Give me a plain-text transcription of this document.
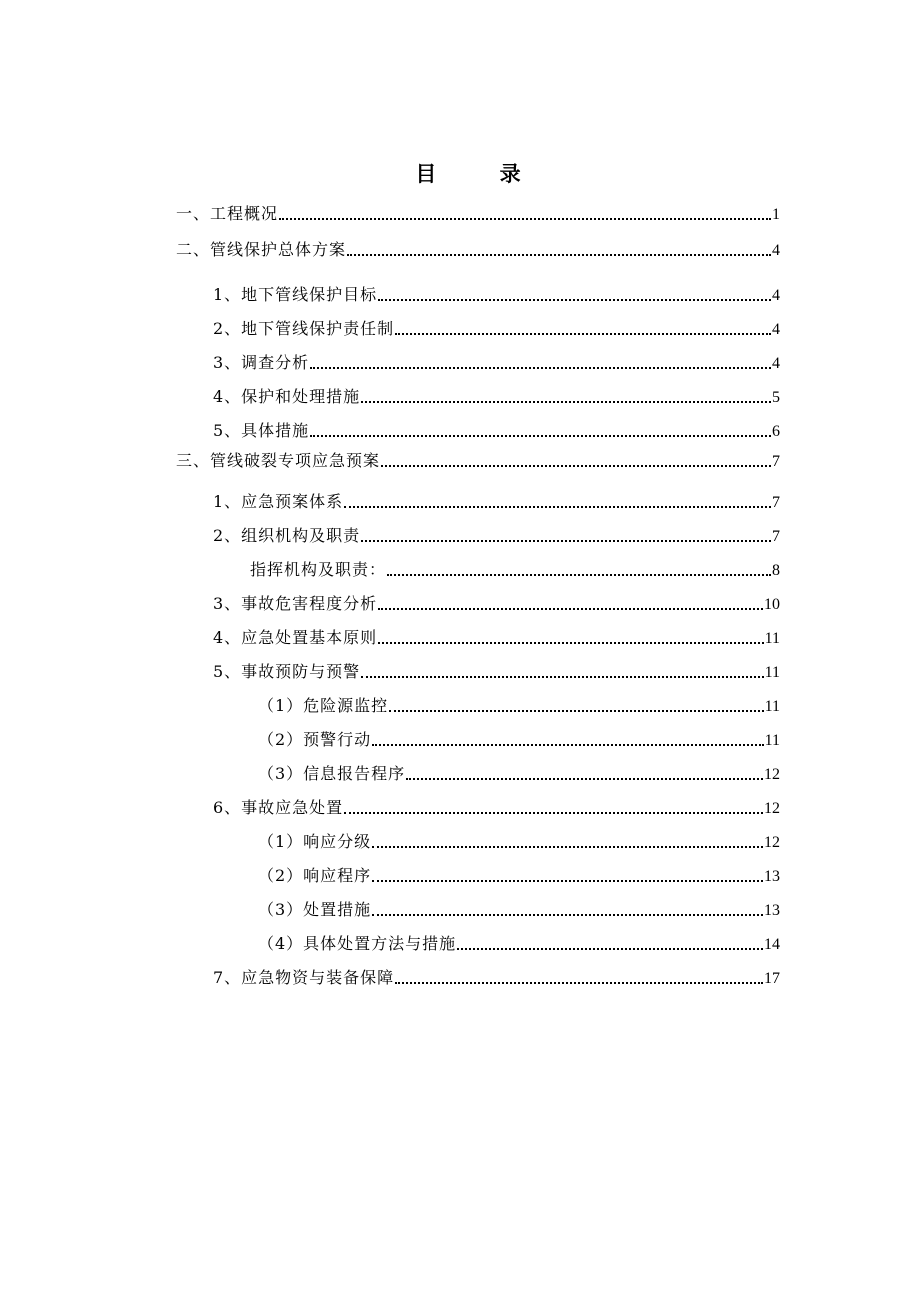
目 录
一、工程概况	1
二、管线保护总体方案	4
1、地下管线保护目标	4
2、地下管线保护责任制	4
3、调查分析	4
4、保护和处理措施	5
5、具体措施	6
三、管线破裂专项应急预案	7
1、应急预案体系	7
2、组织机构及职责	7
指挥机构及职责：	8
3、事故危害程度分析	10
4、应急处置基本原则	11
5、事故预防与预警	11
（1）危险源监控	11
（2）预警行动	11
（3）信息报告程序	12
6、事故应急处置	12
（1）响应分级	12
（2）响应程序	13
（3）处置措施	13
（4）具体处置方法与措施	14
7、应急物资与装备保障	17
